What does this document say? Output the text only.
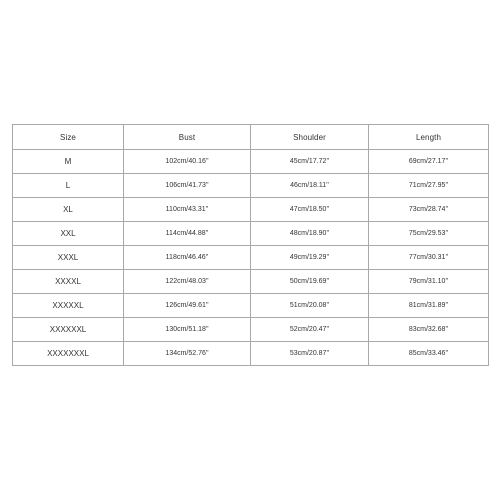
Size	Bust	Shoulder	Length
M	102cm/40.16''	45cm/17.72''	69cm/27.17''
L	106cm/41.73''	46cm/18.11''	71cm/27.95''
XL	110cm/43.31''	47cm/18.50''	73cm/28.74''
XXL	114cm/44.88''	48cm/18.90''	75cm/29.53''
XXXL	118cm/46.46''	49cm/19.29''	77cm/30.31''
XXXXL	122cm/48.03''	50cm/19.69''	79cm/31.10''
XXXXXL	126cm/49.61''	51cm/20.08''	81cm/31.89''
XXXXXXL	130cm/51.18''	52cm/20.47''	83cm/32.68''
XXXXXXXL	134cm/52.76''	53cm/20.87''	85cm/33.46''
